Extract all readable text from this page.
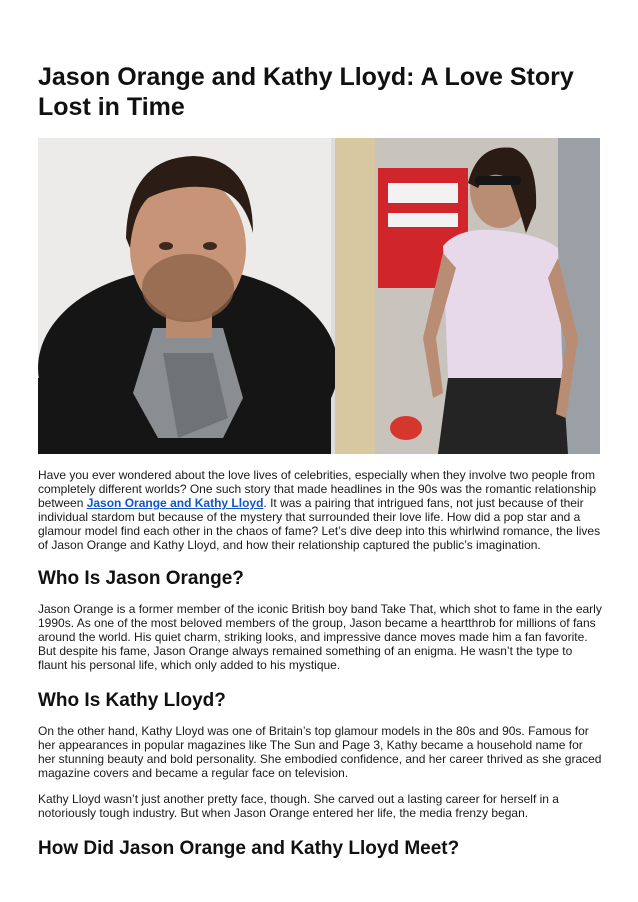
Jason Orange and Kathy Lloyd: A Love Story Lost in Time

Have you ever wondered about the love lives of celebrities, especially when they involve two people from completely different worlds? One such story that made headlines in the 90s was the romantic relationship between Jason Orange and Kathy Lloyd. It was a pairing that intrigued fans, not just because of their individual stardom but because of the mystery that surrounded their love life. How did a pop star and a glamour model find each other in the chaos of fame? Let’s dive deep into this whirlwind romance, the lives of Jason Orange and Kathy Lloyd, and how their relationship captured the public’s imagination.

Who Is Jason Orange?

Jason Orange is a former member of the iconic British boy band Take That, which shot to fame in the early 1990s. As one of the most beloved members of the group, Jason became a heartthrob for millions of fans around the world. His quiet charm, striking looks, and impressive dance moves made him a fan favorite. But despite his fame, Jason Orange always remained something of an enigma. He wasn’t the type to flaunt his personal life, which only added to his mystique.

Who Is Kathy Lloyd?

On the other hand, Kathy Lloyd was one of Britain’s top glamour models in the 80s and 90s. Famous for her appearances in popular magazines like The Sun and Page 3, Kathy became a household name for her stunning beauty and bold personality. She embodied confidence, and her career thrived as she graced magazine covers and became a regular face on television.

Kathy Lloyd wasn’t just another pretty face, though. She carved out a lasting career for herself in a notoriously tough industry. But when Jason Orange entered her life, the media frenzy began.

How Did Jason Orange and Kathy Lloyd Meet?
